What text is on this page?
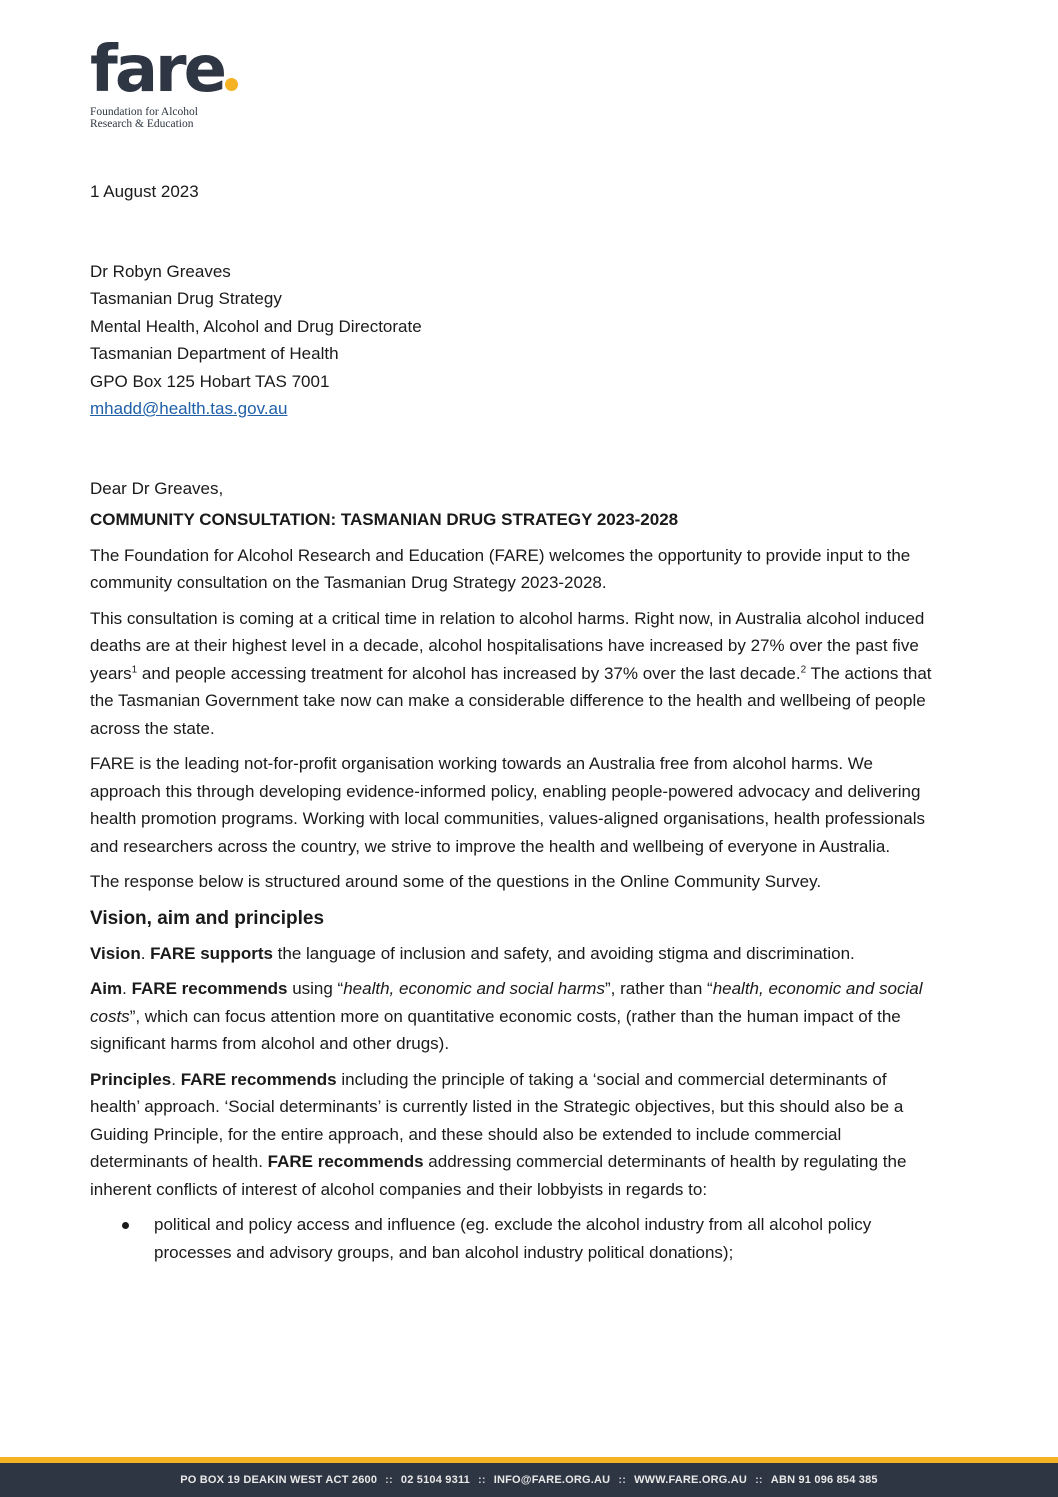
fare
Foundation for Alcohol
Research & Education

1 August 2023

Dr Robyn Greaves
Tasmanian Drug Strategy
Mental Health, Alcohol and Drug Directorate
Tasmanian Department of Health
GPO Box 125 Hobart TAS 7001
mhadd@health.tas.gov.au

Dear Dr Greaves,

COMMUNITY CONSULTATION: TASMANIAN DRUG STRATEGY 2023-2028

The Foundation for Alcohol Research and Education (FARE) welcomes the opportunity to provide input to the community consultation on the Tasmanian Drug Strategy 2023-2028.

This consultation is coming at a critical time in relation to alcohol harms. Right now, in Australia alcohol induced deaths are at their highest level in a decade, alcohol hospitalisations have increased by 27% over the past five years$^1$ and people accessing treatment for alcohol has increased by 37% over the last decade.$^2$ The actions that the Tasmanian Government take now can make a considerable difference to the health and wellbeing of people across the state.

FARE is the leading not-for-profit organisation working towards an Australia free from alcohol harms. We approach this through developing evidence-informed policy, enabling people-powered advocacy and delivering health promotion programs. Working with local communities, values-aligned organisations, health professionals and researchers across the country, we strive to improve the health and wellbeing of everyone in Australia.

The response below is structured around some of the questions in the Online Community Survey.

Vision, aim and principles

Vision. FARE supports the language of inclusion and safety, and avoiding stigma and discrimination.

Aim. FARE recommends using “health, economic and social harms”, rather than “health, economic and social costs”, which can focus attention more on quantitative economic costs, (rather than the human impact of the significant harms from alcohol and other drugs).

Principles. FARE recommends including the principle of taking a ‘social and commercial determinants of health’ approach. ‘Social determinants’ is currently listed in the Strategic objectives, but this should also be a Guiding Principle, for the entire approach, and these should also be extended to include commercial determinants of health. FARE recommends addressing commercial determinants of health by regulating the inherent conflicts of interest of alcohol companies and their lobbyists in regards to:

political and policy access and influence (eg. exclude the alcohol industry from all alcohol policy processes and advisory groups, and ban alcohol industry political donations);
PO BOX 19 DEAKIN WEST ACT 2600 :: 02 5104 9311 :: INFO@FARE.ORG.AU :: WWW.FARE.ORG.AU :: ABN 91 096 854 385
